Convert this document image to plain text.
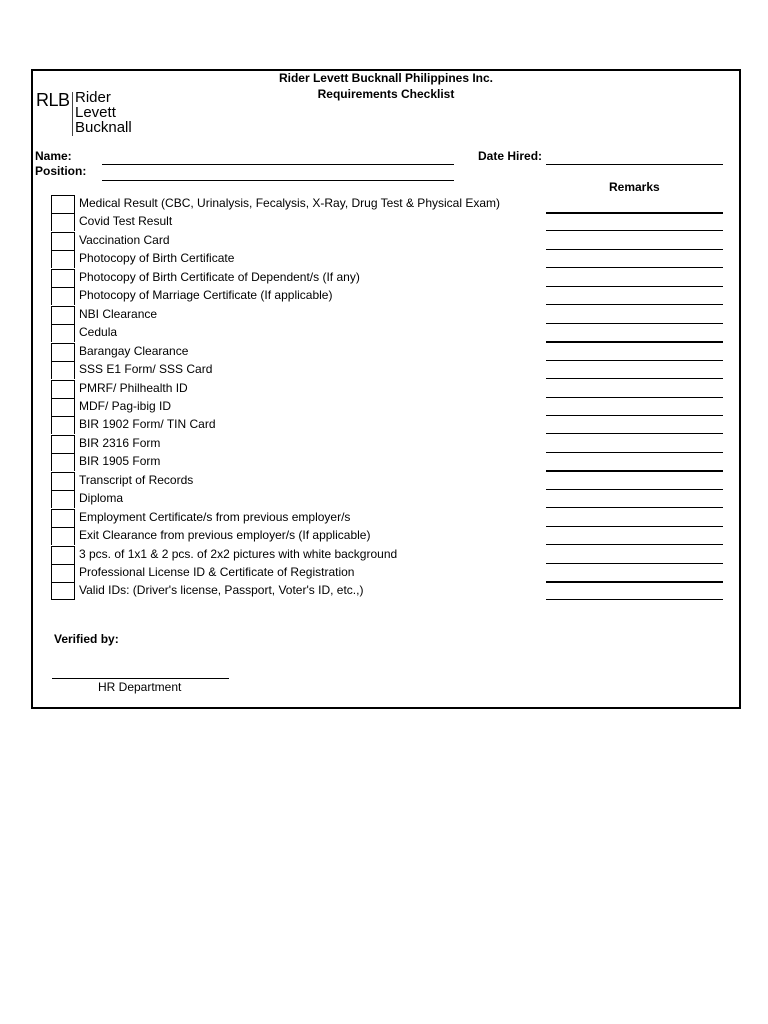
Rider Levett Bucknall Philippines Inc.
Requirements Checklist
RLB Rider
Levett
Bucknall
Name:
Position:
Date Hired:
Remarks
Medical Result (CBC, Urinalysis, Fecalysis, X-Ray, Drug Test & Physical Exam)
Covid Test Result
Vaccination Card
Photocopy of Birth Certificate
Photocopy of Birth Certificate of Dependent/s (If any)
Photocopy of Marriage Certificate (If applicable)
NBI Clearance
Cedula
Barangay Clearance
SSS E1 Form/ SSS Card
PMRF/ Philhealth ID
MDF/ Pag-ibig ID
BIR 1902 Form/ TIN Card
BIR 2316 Form
BIR 1905 Form
Transcript of Records
Diploma
Employment Certificate/s from previous employer/s
Exit Clearance from previous employer/s (If applicable)
3 pcs. of 1x1 & 2 pcs. of 2x2 pictures with white background
Professional License ID & Certificate of Registration
Valid IDs: (Driver's license, Passport, Voter's ID, etc.,)
Verified by:
HR Department
